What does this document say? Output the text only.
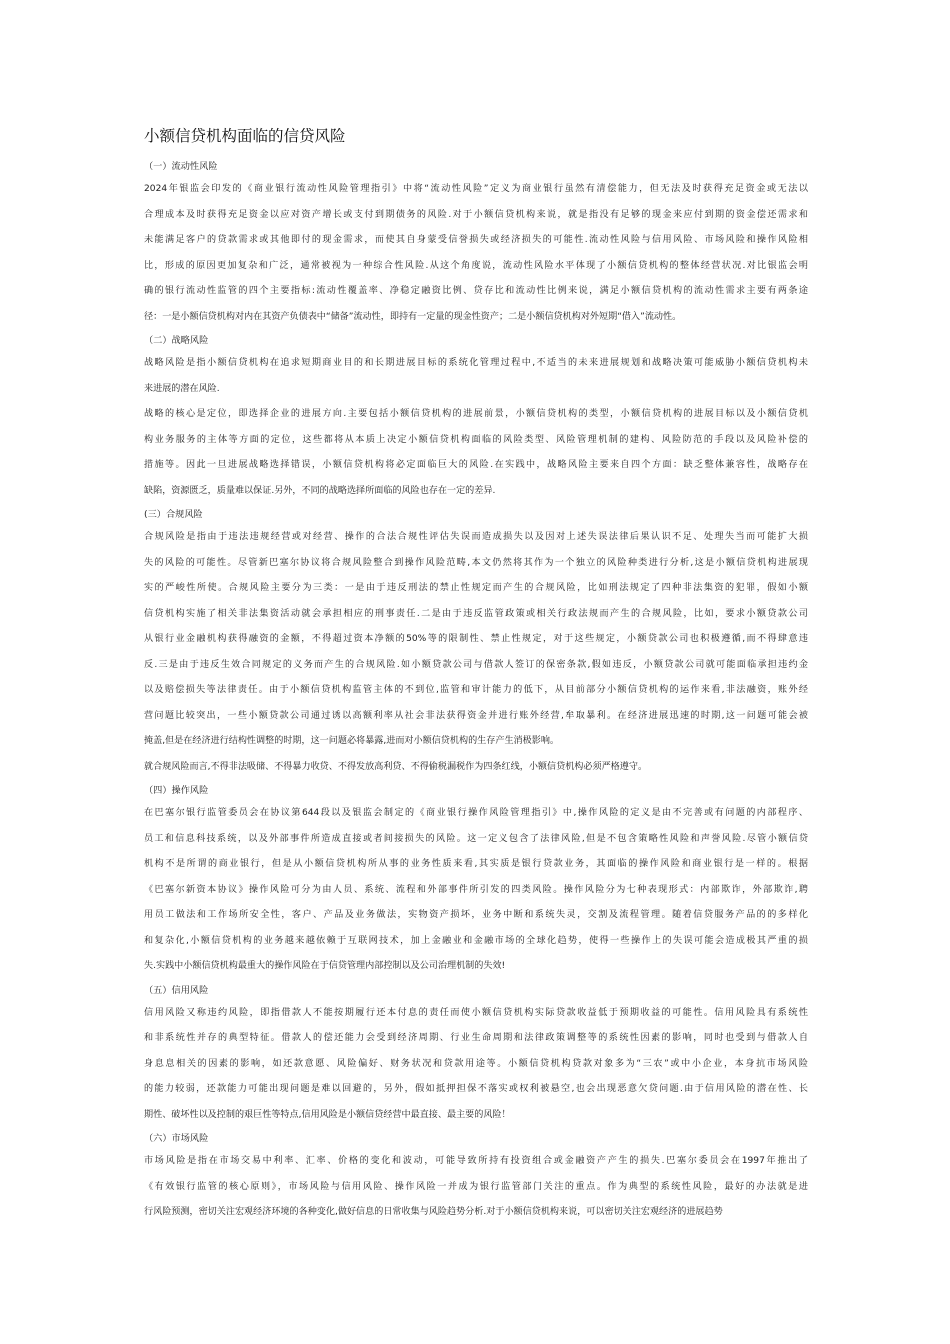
小额信贷机构面临的信贷风险
（一）流动性风险
2024年银监会印发的《商业银行流动性风险管理指引》中将“流动性风险”定义为商业银行虽然有清偿能力，但无法及时获得充足资金或无法以
合理成本及时获得充足资金以应对资产增长或支付到期债务的风险.对于小额信贷机构来说，就是指没有足够的现金来应付到期的资金偿还需求和
未能满足客户的贷款需求或其他即付的现金需求，而使其自身蒙受信誉损失或经济损失的可能性.流动性风险与信用风险、市场风险和操作风险相
比，形成的原因更加复杂和广泛，通常被视为一种综合性风险.从这个角度说，流动性风险水平体现了小额信贷机构的整体经营状况.对比银监会明
确的银行流动性监管的四个主要指标:流动性覆盖率、净稳定融资比例、贷存比和流动性比例来说，满足小额信贷机构的流动性需求主要有两条途
径：一是小额信贷机构对内在其资产负债表中“储备”流动性，即持有一定量的现金性资产；二是小额信贷机构对外短期“借入”流动性。
（二）战略风险
战略风险是指小额信贷机构在追求短期商业目的和长期进展目标的系统化管理过程中,不适当的未来进展规划和战略决策可能威胁小额信贷机构未
来进展的潜在风险.
战略的核心是定位，即选择企业的进展方向.主要包括小额信贷机构的进展前景，小额信贷机构的类型，小额信贷机构的进展目标以及小额信贷机
构业务服务的主体等方面的定位，这些都将从本质上决定小额信贷机构面临的风险类型、风险管理机制的建构、风险防范的手段以及风险补偿的
措施等。因此一旦进展战略选择错误，小额信贷机构将必定面临巨大的风险.在实践中，战略风险主要来自四个方面：缺乏整体兼容性，战略存在
缺陷，资源匮乏，质量难以保证.另外，不同的战略选择所面临的风险也存在一定的差异.
(三）合规风险
合规风险是指由于违法违规经营或对经营、操作的合法合规性评估失误而造成损失以及因对上述失误法律后果认识不足、处理失当而可能扩大损
失的风险的可能性。尽管新巴塞尔协议将合规风险整合到操作风险范畴,本文仍然将其作为一个独立的风险种类进行分析,这是小额信贷机构进展现
实的严峻性所使。合规风险主要分为三类：一是由于违反刑法的禁止性规定而产生的合规风险，比如刑法规定了四种非法集资的犯罪，假如小额
信贷机构实施了相关非法集资活动就会承担相应的刑事责任.二是由于违反监管政策或相关行政法规而产生的合规风险，比如，要求小额贷款公司
从银行业金融机构获得融资的金额，不得超过资本净额的50%等的限制性、禁止性规定，对于这些规定，小额贷款公司也积极遵循,而不得肆意违
反.三是由于违反生效合同规定的义务而产生的合规风险.如小额贷款公司与借款人签订的保密条款,假如违反，小额贷款公司就可能面临承担违约金
以及赔偿损失等法律责任。由于小额信贷机构监管主体的不到位,监管和审计能力的低下，从目前部分小额信贷机构的运作来看,非法融资，账外经
营问题比较突出，一些小额贷款公司通过诱以高额利率从社会非法获得资金并进行账外经营,牟取暴利。在经济进展迅速的时期,这一问题可能会被
掩盖,但是在经济进行结构性调整的时期，这一问题必将暴露,进而对小额信贷机构的生存产生消极影响。
就合规风险而言,不得非法吸储、不得暴力收贷、不得发放高利贷、不得偷税漏税作为四条红线，小额信贷机构必须严格遵守。
（四）操作风险
在巴塞尔银行监管委员会在协议第644段以及银监会制定的《商业银行操作风险管理指引》中,操作风险的定义是由不完善或有问题的内部程序、
员工和信息科技系统，以及外部事件所造成直接或者间接损失的风险。这一定义包含了法律风险,但是不包含策略性风险和声誉风险.尽管小额信贷
机构不是所谓的商业银行，但是从小额信贷机构所从事的业务性质来看,其实质是银行贷款业务，其面临的操作风险和商业银行是一样的。根据
《巴塞尔新资本协议》操作风险可分为由人员、系统、流程和外部事件所引发的四类风险。操作风险分为七种表现形式：内部欺诈，外部欺诈,聘
用员工做法和工作场所安全性，客户、产品及业务做法，实物资产损坏，业务中断和系统失灵，交割及流程管理。随着信贷服务产品的的多样化
和复杂化,小额信贷机构的业务越来越依赖于互联网技术，加上金融业和金融市场的全球化趋势，使得一些操作上的失误可能会造成极其严重的损
失.实践中小额信贷机构最重大的操作风险在于信贷管理内部控制以及公司治理机制的失效!
（五）信用风险
信用风险又称违约风险，即指借款人不能按期履行还本付息的责任而使小额信贷机构实际贷款收益低于预期收益的可能性。信用风险具有系统性
和非系统性并存的典型特征。借款人的偿还能力会受到经济周期、行业生命周期和法律政策调整等的系统性因素的影响，同时也受到与借款人自
身息息相关的因素的影响，如还款意愿、风险偏好、财务状况和贷款用途等。小额信贷机构贷款对象多为“三农”或中小企业，本身抗市场风险
的能力较弱，还款能力可能出现问题是难以回避的，另外，假如抵押担保不落实或权利被悬空,也会出现恶意欠贷问题.由于信用风险的潜在性、长
期性、破坏性以及控制的艰巨性等特点,信用风险是小额信贷经营中最直接、最主要的风险！
（六）市场风险
市场风险是指在市场交易中利率、汇率、价格的变化和波动，可能导致所持有投资组合或金融资产产生的损失.巴塞尔委员会在1997年推出了
《有效银行监管的核心原则》，市场风险与信用风险、操作风险一并成为银行监管部门关注的重点。作为典型的系统性风险，最好的办法就是进
行风险预测，密切关注宏观经济环境的各种变化,做好信息的日常收集与风险趋势分析.对于小额信贷机构来说，可以密切关注宏观经济的进展趋势
